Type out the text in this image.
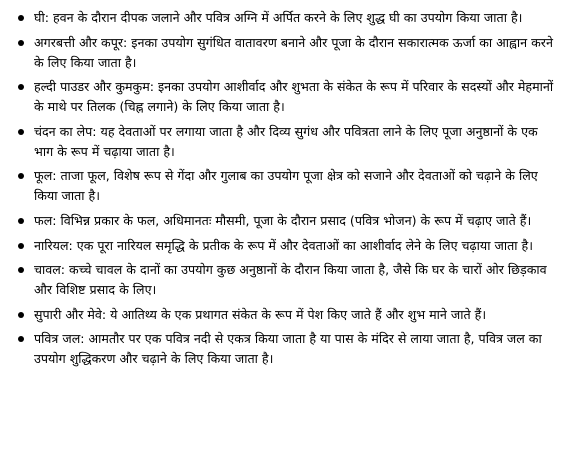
घी: हवन के दौरान दीपक जलाने और पवित्र अग्नि में अर्पित करने के लिए शुद्ध घी का उपयोग किया जाता है।
अगरबत्ती और कपूर: इनका उपयोग सुगंधित वातावरण बनाने और पूजा के दौरान सकारात्मक ऊर्जा का आह्वान करने के लिए किया जाता है।
हल्दी पाउडर और कुमकुम: इनका उपयोग आशीर्वाद और शुभता के संकेत के रूप में परिवार के सदस्यों और मेहमानों के माथे पर तिलक (चिह्न लगाने) के लिए किया जाता है।
चंदन का लेप: यह देवताओं पर लगाया जाता है और दिव्य सुगंध और पवित्रता लाने के लिए पूजा अनुष्ठानों के एक भाग के रूप में चढ़ाया जाता है।
फूल: ताजा फूल, विशेष रूप से गेंदा और गुलाब का उपयोग पूजा क्षेत्र को सजाने और देवताओं को चढ़ाने के लिए किया जाता है।
फल: विभिन्न प्रकार के फल, अधिमानतः मौसमी, पूजा के दौरान प्रसाद (पवित्र भोजन) के रूप में चढ़ाए जाते हैं।
नारियल: एक पूरा नारियल समृद्धि के प्रतीक के रूप में और देवताओं का आशीर्वाद लेने के लिए चढ़ाया जाता है।
चावल: कच्चे चावल के दानों का उपयोग कुछ अनुष्ठानों के दौरान किया जाता है, जैसे कि घर के चारों ओर छिड़काव और विशिष्ट प्रसाद के लिए।
सुपारी और मेवे: ये आतिथ्य के एक प्रथागत संकेत के रूप में पेश किए जाते हैं और शुभ माने जाते हैं।
पवित्र जल: आमतौर पर एक पवित्र नदी से एकत्र किया जाता है या पास के मंदिर से लाया जाता है, पवित्र जल का उपयोग शुद्धिकरण और चढ़ाने के लिए किया जाता है।
